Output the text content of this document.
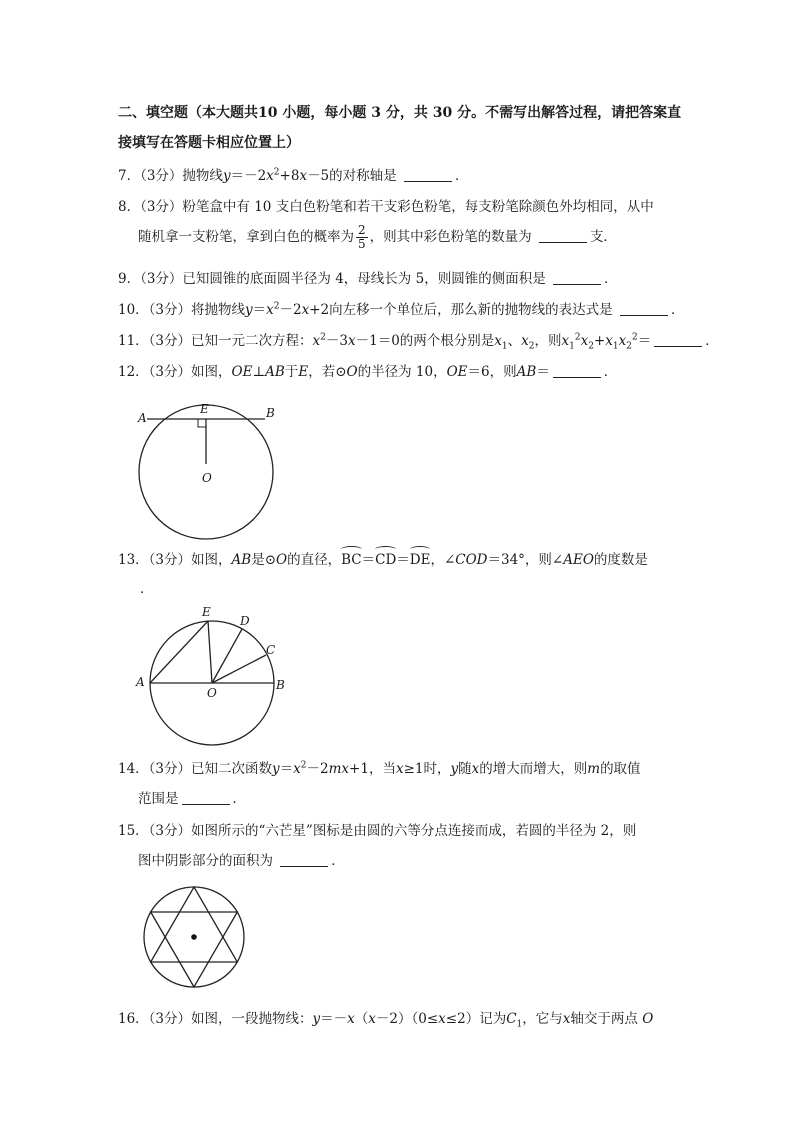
二、填空题（本大题共10 小题，每小题 3 分，共 30 分。不需写出解答过程，请把答案直
接填写在答题卡相应位置上）
7．（3分）抛物线$y=-2x^2+8x-5$的对称轴是	．
8．（3分）粉笔盒中有 10 支白色粉笔和若干支彩色粉笔，每支粉笔除颜色外均相同，从中
随机拿一支粉笔，拿到白色的概率为 $\frac{2}{5}$ ，则其中彩色粉笔的数量为	支．
9．（3分）已知圆锥的底面圆半径为 4，母线长为 5，则圆锥的侧面积是	．
10．（3分）将抛物线$y=x^2-2x+2$向左移一个单位后，那么新的抛物线的表达式是	．
11．（3分）已知一元二次方程：$x^2-3x-1=0$的两个根分别是$x_1$、$x_2$，则$x_1^2x_2+x_1x_2^2=$	．
12．（3分）如图，OE⊥AB于E，若⊙O的半径为 10，OE＝6，则AB＝	．
A
E	B
O
13．（3分）如图，AB是⊙O的直径，BC＝CD＝DE，∠COD＝34°，则∠AEO的度数是
．
E
D
C
A
O
B
14．（3分）已知二次函数$y=x^2-2mx+1$，当x≥1时，y随x的增大而增大，则m的取值
范围是	．
15．（3分）如图所示的“六芒星”图标是由圆的六等分点连接而成，若圆的半径为 2，则
图中阴影部分的面积为	．
16．（3分）如图，一段抛物线：y＝－x（x－2）（0≤x≤2）记为$C_1$，它与x轴交于两点 O
